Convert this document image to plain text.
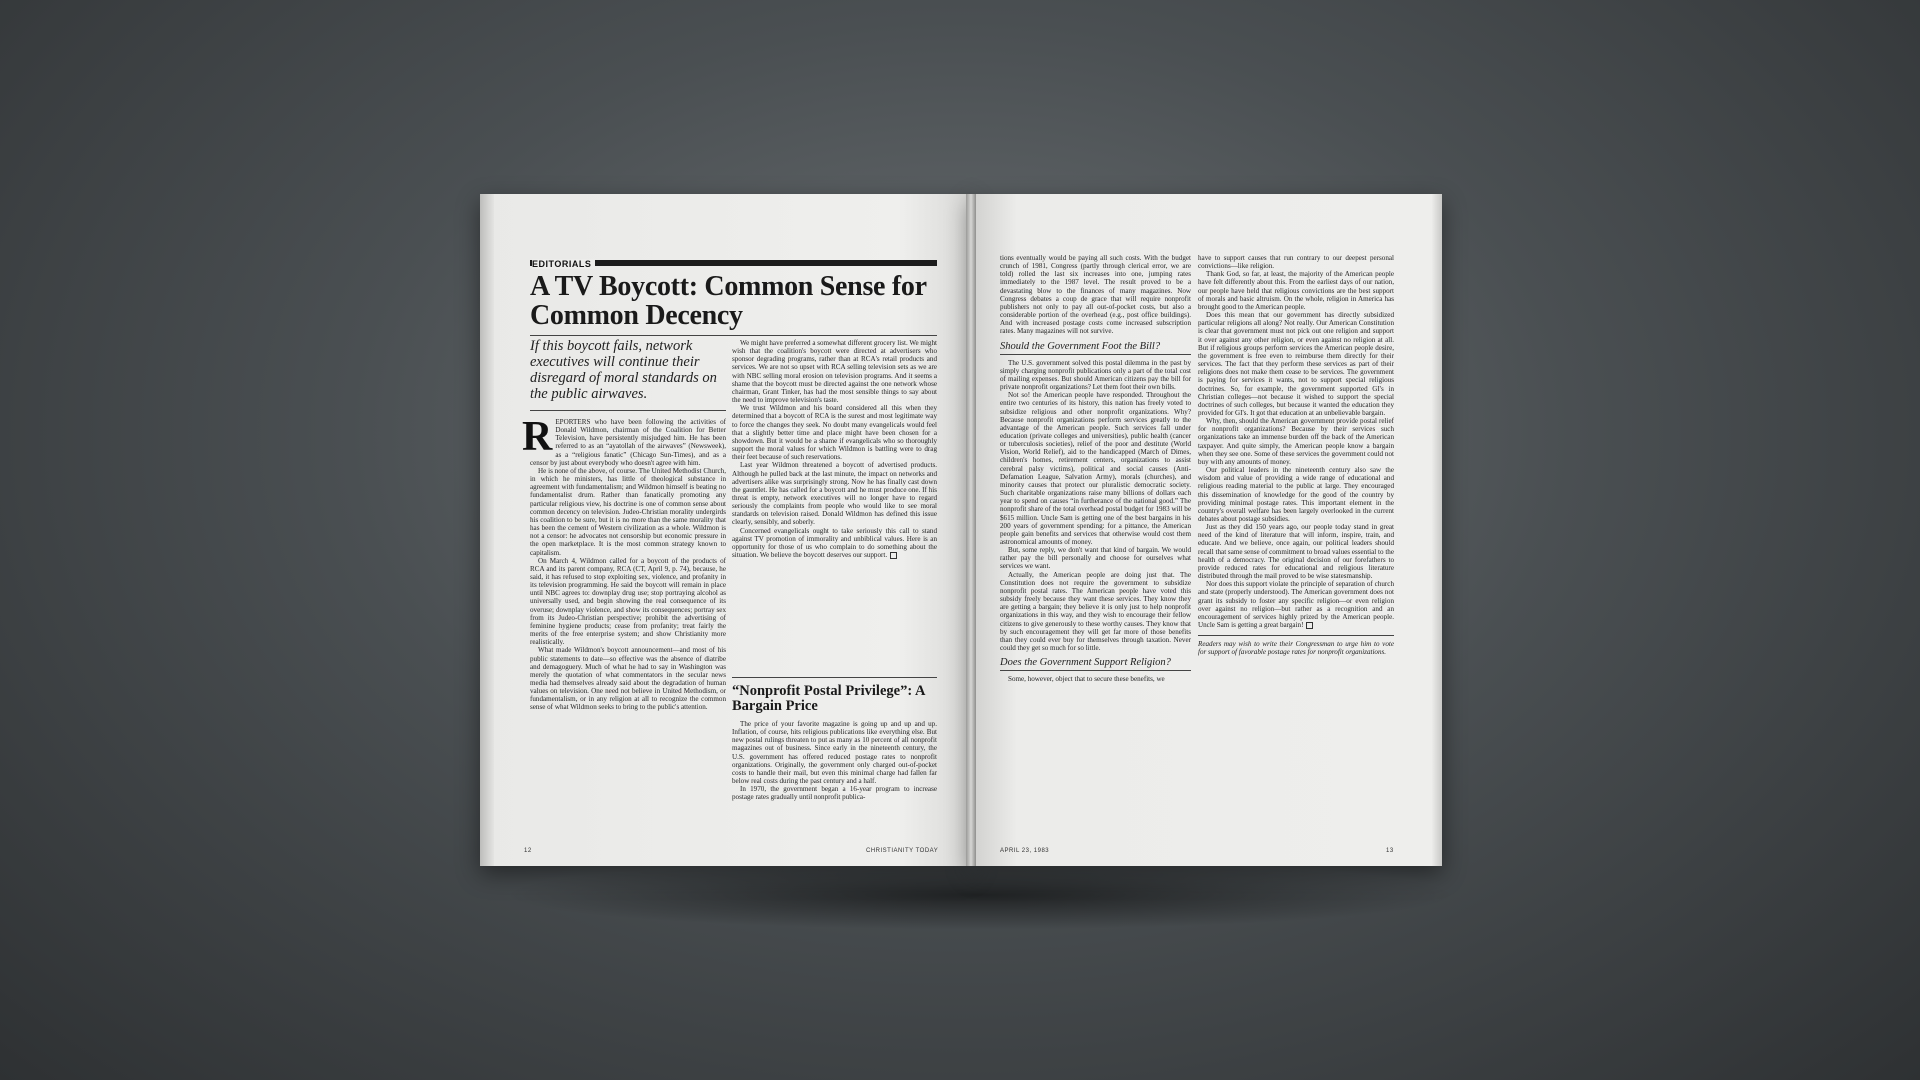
EDITORIALS
A TV Boycott: Common Sense for Common Decency
If this boycott fails, network executives will continue their disregard of moral standards on the public airwaves.

REPORTERS who have been following the activities of Donald Wildmon, chairman of the Coalition for Better Television, have persistently misjudged him. He has been referred to as an “ayatollah of the airwaves” (Newsweek), as a “religious fanatic” (Chicago Sun-Times), and as a censor by just about everybody who doesn't agree with him.

He is none of the above, of course. The United Methodist Church, in which he ministers, has little of theological substance in agreement with fundamentalism; and Wildmon himself is beating no fundamentalist drum. Rather than fanatically promoting any particular religious view, his doctrine is one of common sense about common decency on television. Judeo-Christian morality undergirds his coalition to be sure, but it is no more than the same morality that has been the cement of Western civilization as a whole. Wildmon is not a censor: he advocates not censorship but economic pressure in the open marketplace. It is the most common strategy known to capitalism.

On March 4, Wildmon called for a boycott of the products of RCA and its parent company, RCA (CT, April 9, p. 74), because, he said, it has refused to stop exploiting sex, violence, and profanity in its television programming. He said the boycott will remain in place until NBC agrees to: downplay drug use; stop portraying alcohol as universally used, and begin showing the real consequence of its overuse; downplay violence, and show its consequences; portray sex from its Judeo-Christian perspective; prohibit the advertising of feminine hygiene products; cease from profanity; treat fairly the merits of the free enterprise system; and show Christianity more realistically.

What made Wildmon's boycott announcement—and most of his public statements to date—so effective was the absence of diatribe and demagoguery. Much of what he had to say in Washington was merely the quotation of what commentators in the secular news media had themselves already said about the degradation of human values on television. One need not believe in United Methodism, or fundamentalism, or in any religion at all to recognize the common sense of what Wildmon seeks to bring to the public's attention.

We might have preferred a somewhat different grocery list. We might wish that the coalition's boycott were directed at advertisers who sponsor degrading programs, rather than at RCA's retail products and services. We are not so upset with RCA selling television sets as we are with NBC selling moral erosion on television programs. And it seems a shame that the boycott must be directed against the one network whose chairman, Grant Tinker, has had the most sensible things to say about the need to improve television's taste.

We trust Wildmon and his board considered all this when they determined that a boycott of RCA is the surest and most legitimate way to force the changes they seek. No doubt many evangelicals would feel that a slightly better time and place might have been chosen for a showdown. But it would be a shame if evangelicals who so thoroughly support the moral values for which Wildmon is battling were to drag their feet because of such reservations.

Last year Wildmon threatened a boycott of advertised products. Although he pulled back at the last minute, the impact on networks and advertisers alike was surprisingly strong. Now he has finally cast down the gauntlet. He has called for a boycott and he must produce one. If his threat is empty, network executives will no longer have to regard seriously the complaints from people who would like to see moral standards on television raised. Donald Wildmon has defined this issue clearly, sensibly, and soberly.

Concerned evangelicals ought to take seriously this call to stand against TV promotion of immorality and unbiblical values. Here is an opportunity for those of us who complain to do something about the situation. We believe the boycott deserves our support.

“Nonprofit Postal Privilege”: A Bargain Price

The price of your favorite magazine is going up and up and up. Inflation, of course, hits religious publications like everything else. But new postal rulings threaten to put as many as 10 percent of all nonprofit magazines out of business. Since early in the nineteenth century, the U.S. government has offered reduced postage rates to nonprofit organizations. Originally, the government only charged out-of-pocket costs to handle their mail, but even this minimal charge had fallen far below real costs during the past century and a half.

In 1970, the government began a 16-year program to increase postage rates gradually until nonprofit publica-

12	CHRISTIANITY TODAY

tions eventually would be paying all such costs. With the budget crunch of 1981, Congress (partly through clerical error, we are told) rolled the last six increases into one, jumping rates immediately to the 1987 level. The result proved to be a devastating blow to the finances of many magazines. Now Congress debates a coup de grace that will require nonprofit publishers not only to pay all out-of-pocket costs, but also a considerable portion of the overhead (e.g., post office buildings). And with increased postage costs come increased subscription rates. Many magazines will not survive.

Should the Government Foot the Bill?

The U.S. government solved this postal dilemma in the past by simply charging nonprofit publications only a part of the total cost of mailing expenses. But should American citizens pay the bill for private nonprofit organizations? Let them foot their own bills.

Not so! the American people have responded. Throughout the entire two centuries of its history, this nation has freely voted to subsidize religious and other nonprofit organizations. Why? Because nonprofit organizations perform services greatly to the advantage of the American people. Such services fall under education (private colleges and universities), public health (cancer or tuberculosis societies), relief of the poor and destitute (World Vision, World Relief), aid to the handicapped (March of Dimes, children's homes, retirement centers, organizations to assist cerebral palsy victims), political and social causes (Anti-Defamation League, Salvation Army), morals (churches), and minority causes that protect our pluralistic democratic society. Such charitable organizations raise many billions of dollars each year to spend on causes “in furtherance of the national good.” The nonprofit share of the total overhead postal budget for 1983 will be $615 million. Uncle Sam is getting one of the best bargains in his 200 years of government spending: for a pittance, the American people gain benefits and services that otherwise would cost them astronomical amounts of money.

But, some reply, we don't want that kind of bargain. We would rather pay the bill personally and choose for ourselves what services we want.

Actually, the American people are doing just that. The Constitution does not require the government to subsidize nonprofit postal rates. The American people have voted this subsidy freely because they want these services. They know they are getting a bargain; they believe it is only just to help nonprofit organizations in this way, and they wish to encourage their fellow citizens to give generously to these worthy causes. They know that by such encouragement they will get far more of those benefits than they could ever buy for themselves through taxation. Never could they get so much for so little.

Does the Government Support Religion?

Some, however, object that to secure these benefits, we

have to support causes that run contrary to our deepest personal convictions—like religion.

Thank God, so far, at least, the majority of the American people have felt differently about this. From the earliest days of our nation, our people have held that religious convictions are the best support of morals and basic altruism. On the whole, religion in America has brought good to the American people.

Does this mean that our government has directly subsidized particular religions all along? Not really. Our American Constitution is clear that government must not pick out one religion and support it over against any other religion, or even against no religion at all. But if religious groups perform services the American people desire, the government is free even to reimburse them directly for their services. The fact that they perform these services as part of their religions does not make them cease to be services. The government is paying for services it wants, not to support special religious doctrines. So, for example, the government supported GI's in Christian colleges—not because it wished to support the special doctrines of such colleges, but because it wanted the education they provided for GI's. It got that education at an unbelievable bargain.

Why, then, should the American government provide postal relief for nonprofit organizations? Because by their services such organizations take an immense burden off the back of the American taxpayer. And quite simply, the American people know a bargain when they see one. Some of these services the government could not buy with any amounts of money.

Our political leaders in the nineteenth century also saw the wisdom and value of providing a wide range of educational and religious reading material to the public at large. They encouraged this dissemination of knowledge for the good of the country by providing minimal postage rates. This important element in the country's overall welfare has been largely overlooked in the current debates about postage subsidies.

Just as they did 150 years ago, our people today stand in great need of the kind of literature that will inform, inspire, train, and educate. And we believe, once again, our political leaders should recall that same sense of commitment to broad values essential to the health of a democracy. The original decision of our forefathers to provide reduced rates for educational and religious literature distributed through the mail proved to be wise statesmanship.

Nor does this support violate the principle of separation of church and state (properly understood). The American government does not grant its subsidy to foster any specific religion—or even religion over against no religion—but rather as a recognition and an encouragement of services highly prized by the American people. Uncle Sam is getting a great bargain!

Readers may wish to write their Congressman to urge him to vote for support of favorable postage rates for nonprofit organizations.

APRIL 23, 1983	13
